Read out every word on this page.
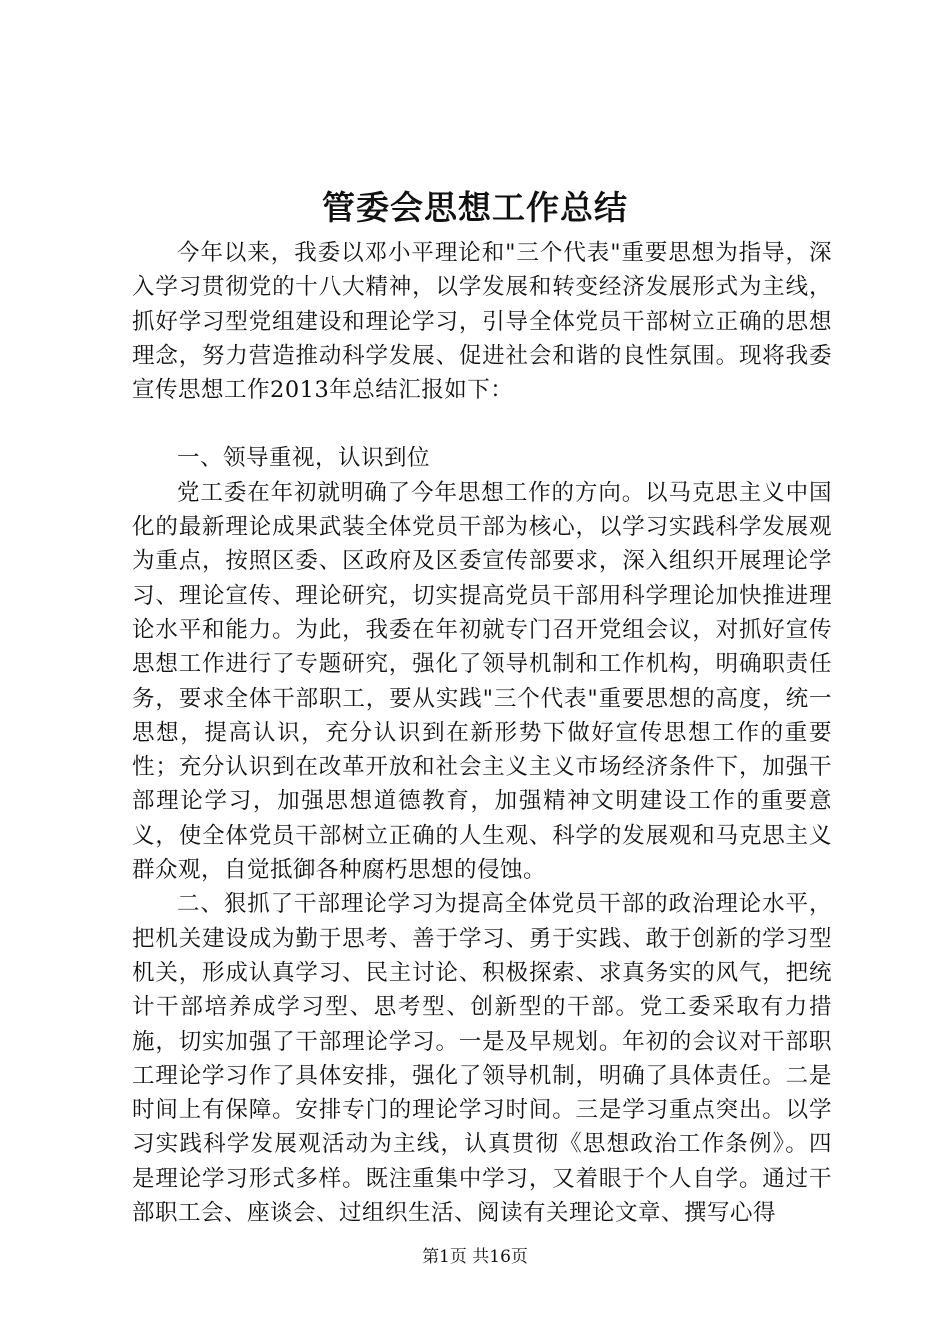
管委会思想工作总结

今年以来，我委以邓小平理论和"三个代表"重要思想为指导，深入学习贯彻党的十八大精神，以学发展和转变经济发展形式为主线，抓好学习型党组建设和理论学习，引导全体党员干部树立正确的思想理念，努力营造推动科学发展、促进社会和谐的良性氛围。现将我委宣传思想工作2013年总结汇报如下：

一、领导重视，认识到位

党工委在年初就明确了今年思想工作的方向。以马克思主义中国化的最新理论成果武装全体党员干部为核心，以学习实践科学发展观为重点，按照区委、区政府及区委宣传部要求，深入组织开展理论学习、理论宣传、理论研究，切实提高党员干部用科学理论加快推进理论水平和能力。为此，我委在年初就专门召开党组会议，对抓好宣传思想工作进行了专题研究，强化了领导机制和工作机构，明确职责任务，要求全体干部职工，要从实践"三个代表"重要思想的高度，统一思想，提高认识，充分认识到在新形势下做好宣传思想工作的重要性；充分认识到在改革开放和社会主义主义市场经济条件下，加强干部理论学习，加强思想道德教育，加强精神文明建设工作的重要意义，使全体党员干部树立正确的人生观、科学的发展观和马克思主义群众观，自觉抵御各种腐朽思想的侵蚀。

二、狠抓了干部理论学习为提高全体党员干部的政治理论水平，把机关建设成为勤于思考、善于学习、勇于实践、敢于创新的学习型机关，形成认真学习、民主讨论、积极探索、求真务实的风气，把统计干部培养成学习型、思考型、创新型的干部。党工委采取有力措施，切实加强了干部理论学习。一是及早规划。年初的会议对干部职工理论学习作了具体安排，强化了领导机制，明确了具体责任。二是时间上有保障。安排专门的理论学习时间。三是学习重点突出。以学习实践科学发展观活动为主线，认真贯彻《思想政治工作条例》。四是理论学习形式多样。既注重集中学习，又着眼于个人自学。通过干部职工会、座谈会、过组织生活、阅读有关理论文章、撰写心得

第1页 共16页
